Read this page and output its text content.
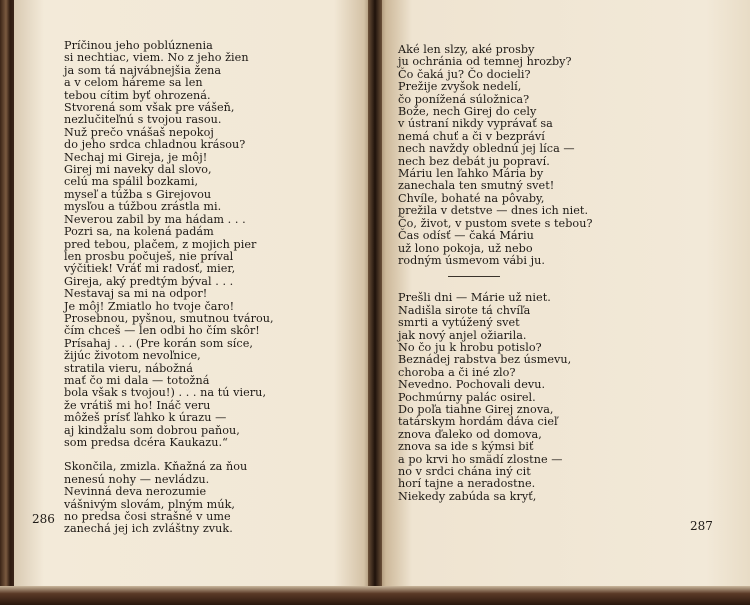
Príčinou jeho poblúznenia
si nechtiac, viem. No z jeho žien
ja som tá najvábnejšia žena
a v celom háreme sa len
tebou cítim byť ohrozená.
Stvorená som však pre vášeň,
nezlučiteľnú s tvojou rasou.
Nuž prečo vnášaš nepokoj
do jeho srdca chladnou krásou?
Nechaj mi Gireja, je môj!
Girej mi naveky dal slovo,
celú ma spálil bozkami,
myseľ a túžba s Girejovou
mysľou a túžbou zrástla mi.
Neverou zabil by ma hádam . . .
Pozri sa, na kolená padám
pred tebou, plačem, z mojich pier
len prosbu počuješ, nie príval
výčitiek! Vráť mi radosť, mier,
Gireja, aký predtým býval . . .
Nestavaj sa mi na odpor!
Je môj! Zmiatlo ho tvoje čaro!
Prosebnou, pyšnou, smutnou tvárou,
čím chceš — len odbi ho čím skôr!
Prísahaj . . . (Pre korán som síce,
žijúc životom nevoľnice,
stratila vieru, nábožná
mať čo mi dala — totožná
bola však s tvojou!) . . . na tú vieru,
že vrátiš mi ho! Ináč veru
môžeš prísť ľahko k úrazu —
aj kindžalu som dobrou paňou,
som predsa dcéra Kaukazu.“
Skončila, zmizla. Kňažná za ňou
nenesú nohy — nevládzu.
Nevinná deva nerozumie
vášnivým slovám, plným múk,
no predsa čosi strašné v ume
zanechá jej ich zvláštny zvuk.
286
Aké len slzy, aké prosby
ju ochránia od temnej hrozby?
Čo čaká ju? Čo docieli?
Prežije zvyšok nedelí,
čo ponížená súložnica?
Bože, nech Girej do cely
v ústraní nikdy vyprávať sa
nemá chuť a či v bezpráví
nech navždy oblednú jej líca —
nech bez debát ju popraví.
Máriu len ľahko Mária by
zanechala ten smutný svet!
Chvíle, bohaté na pôvaby,
prežila v detstve — dnes ich niet.
Čo, život, v pustom svete s tebou?
Čas odísť — čaká Máriu
už lono pokoja, už nebo
rodným úsmevom vábi ju.
Prešli dni — Márie už niet.
Nadišla sirote tá chvíľa
smrti a vytúžený svet
jak nový anjel ožiarila.
No čo ju k hrobu potislo?
Beznádej rabstva bez úsmevu,
choroba a či iné zlo?
Nevedno. Pochovali devu.
Pochmúrny palác osirel.
Do poľa tiahne Girej znova,
tatárskym hordám dáva cieľ
znova ďaleko od domova,
znova sa ide s kýmsi biť
a po krvi ho smädí zlostne —
no v srdci chána iný cit
horí tajne a neradostne.
Niekedy zabúda sa kryť,
287
